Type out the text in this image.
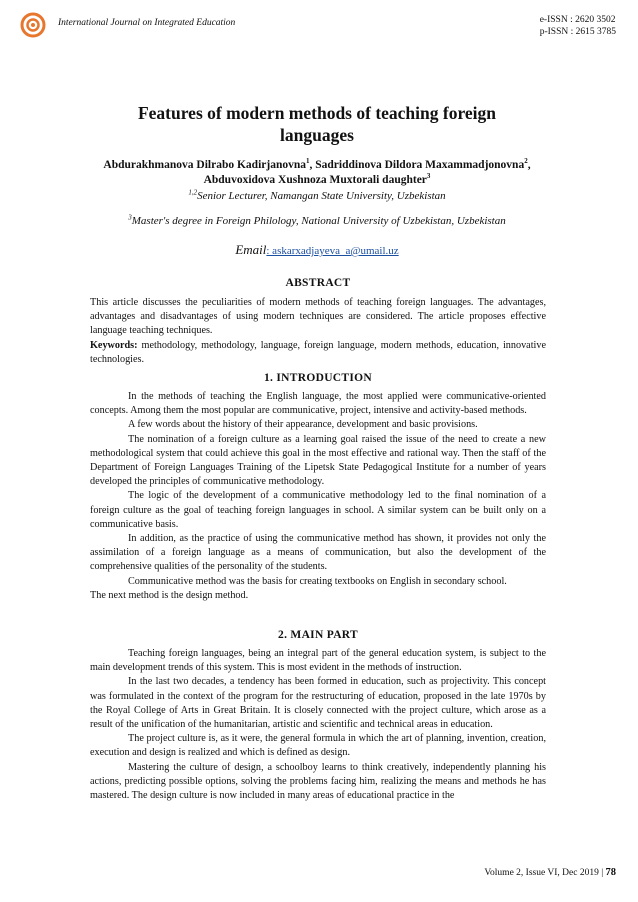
International Journal on Integrated Education	e-ISSN : 2620 3502
p-ISSN : 2615 3785
Features of modern methods of teaching foreign
languages
Abdurakhmanova Dilrabo Kadirjanovna$^1$, Sadriddinova Dildora Maxammadjonovna$^2$,
Abduvoxidova Xushnoza Muxtorali daughter$^3$
$^{1,2}$Senior Lecturer, Namangan State University, Uzbekistan
$^3$Master's degree in Foreign Philology, National University of Uzbekistan, Uzbekistan
Email: askarxadjayeva_a@umail.uz
ABSTRACT

This article discusses the peculiarities of modern methods of teaching foreign languages. The advantages, advantages and disadvantages of using modern techniques are considered. The article proposes effective language teaching techniques.

Keywords: methodology, methodology, language, foreign language, modern methods, education, innovative technologies.

1. INTRODUCTION

In the methods of teaching the English language, the most applied were communicative-oriented concepts. Among them the most popular are communicative, project, intensive and activity-based methods.

A few words about the history of their appearance, development and basic provisions.

The nomination of a foreign culture as a learning goal raised the issue of the need to create a new methodological system that could achieve this goal in the most effective and rational way. Then the staff of the Department of Foreign Languages Training of the Lipetsk State Pedagogical Institute for a number of years developed the principles of communicative methodology.

The logic of the development of a communicative methodology led to the final nomination of a foreign culture as the goal of teaching foreign languages in school. A similar system can be built only on a communicative basis.

In addition, as the practice of using the communicative method has shown, it provides not only the assimilation of a foreign language as a means of communication, but also the development of the comprehensive qualities of the personality of the students.

Communicative method was the basis for creating textbooks on English in secondary school.

The next method is the design method.

2. MAIN PART

Teaching foreign languages, being an integral part of the general education system, is subject to the main development trends of this system. This is most evident in the methods of instruction.

In the last two decades, a tendency has been formed in education, such as projectivity. This concept was formulated in the context of the program for the restructuring of education, proposed in the late 1970s by the Royal College of Arts in Great Britain. It is closely connected with the project culture, which arose as a result of the unification of the humanitarian, artistic and scientific and technical areas in education.

The project culture is, as it were, the general formula in which the art of planning, invention, creation, execution and design is realized and which is defined as design.

Mastering the culture of design, a schoolboy learns to think creatively, independently planning his actions, predicting possible options, solving the problems facing him, realizing the means and methods he has mastered. The design culture is now included in many areas of educational practice in the

Volume 2, Issue VI, Dec 2019 | 78
